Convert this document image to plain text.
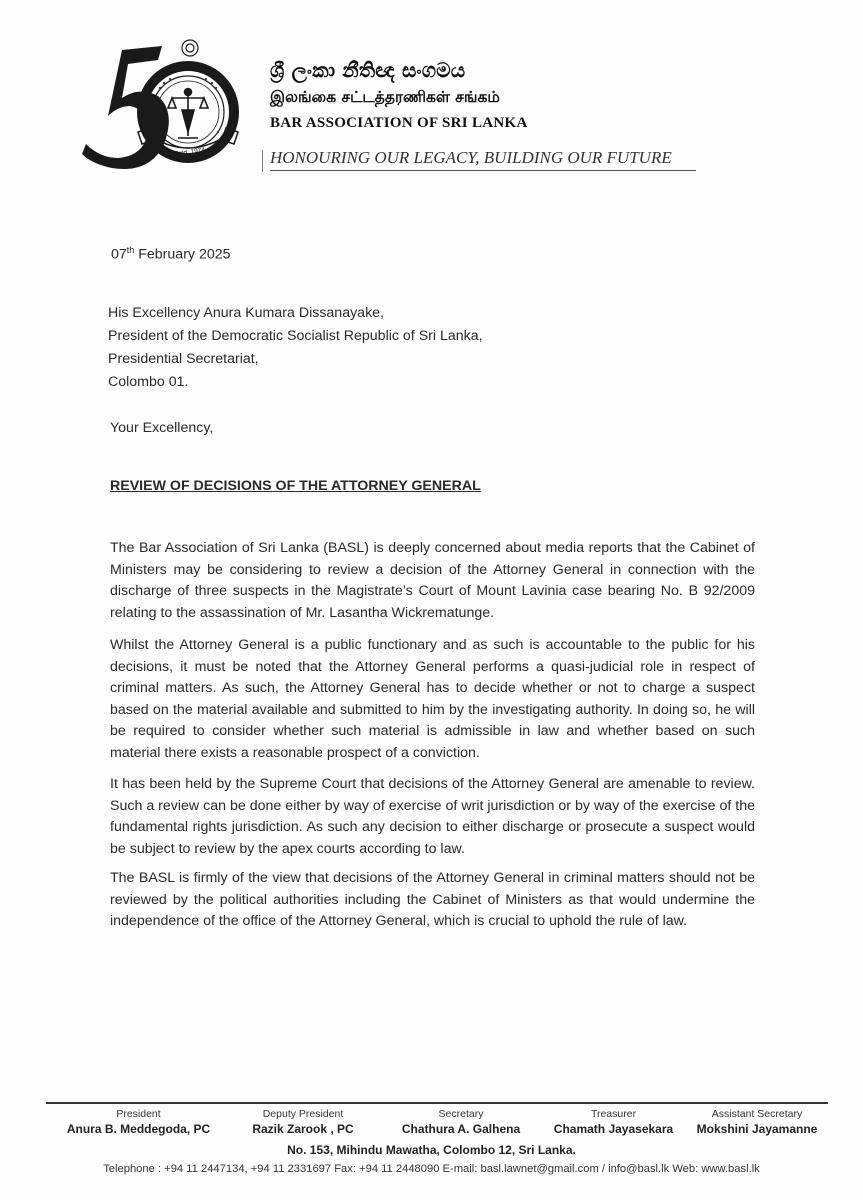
Estd. 1974
ශ්‍රී ලංකා නීතිඥ සංගමය
இலங்கை சட்டத்தரணிகள் சங்கம்
BAR ASSOCIATION OF SRI LANKA
HONOURING OUR LEGACY, BUILDING OUR FUTURE
07th February 2025
His Excellency Anura Kumara Dissanayake,
President of the Democratic Socialist Republic of Sri Lanka,
Presidential Secretariat,
Colombo 01.
Your Excellency,
REVIEW OF DECISIONS OF THE ATTORNEY GENERAL
The Bar Association of Sri Lanka (BASL) is deeply concerned about media reports that the Cabinet of Ministers may be considering to review a decision of the Attorney General in connection with the discharge of three suspects in the Magistrate’s Court of Mount Lavinia case bearing No. B 92/2009 relating to the assassination of Mr. Lasantha Wickrematunge.
Whilst the Attorney General is a public functionary and as such is accountable to the public for his decisions, it must be noted that the Attorney General performs a quasi-judicial role in respect of criminal matters. As such, the Attorney General has to decide whether or not to charge a suspect based on the material available and submitted to him by the investigating authority. In doing so, he will be required to consider whether such material is admissible in law and whether based on such material there exists a reasonable prospect of a conviction.
It has been held by the Supreme Court that decisions of the Attorney General are amenable to review. Such a review can be done either by way of exercise of writ jurisdiction or by way of the exercise of the fundamental rights jurisdiction. As such any decision to either discharge or prosecute a suspect would be subject to review by the apex courts according to law.
The BASL is firmly of the view that decisions of the Attorney General in criminal matters should not be reviewed by the political authorities including the Cabinet of Ministers as that would undermine the independence of the office of the Attorney General, which is crucial to uphold the rule of law.
President
Anura B. Meddegoda, PC
Deputy President
Razik Zarook , PC
Secretary
Chathura A. Galhena
Treasurer
Chamath Jayasekara
Assistant Secretary
Mokshini Jayamanne
No. 153, Mihindu Mawatha, Colombo 12, Sri Lanka.
Telephone : +94 11 2447134, +94 11 2331697 Fax: +94 11 2448090 E-mail: basl.lawnet@gmail.com / info@basl.lk Web: www.basl.lk
